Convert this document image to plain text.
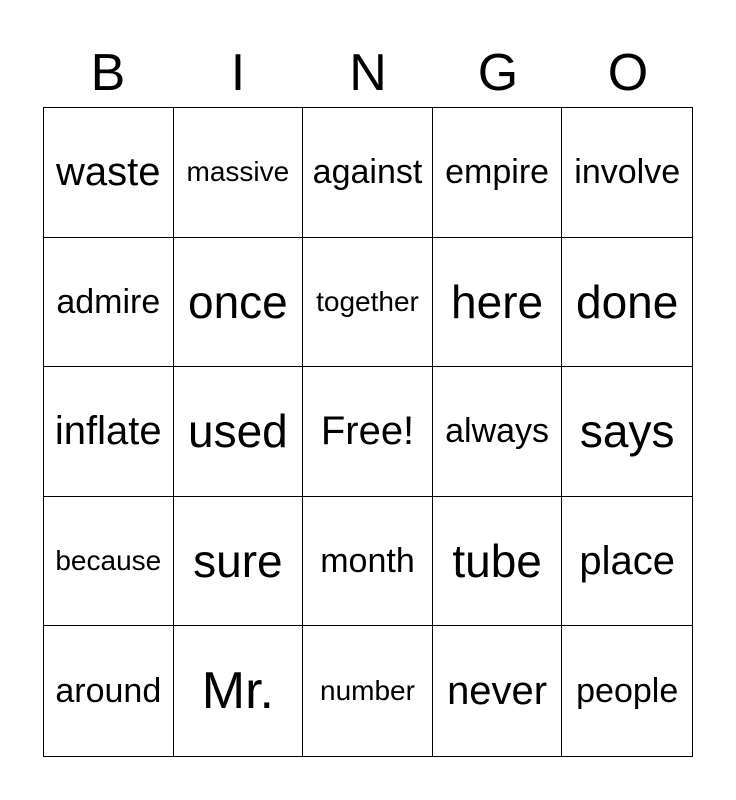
B	I	N	G	O
waste massive against empire involve
admire once	together here done
inflate used Free! always says
because sure	month tube place
around Mr.	number never people
